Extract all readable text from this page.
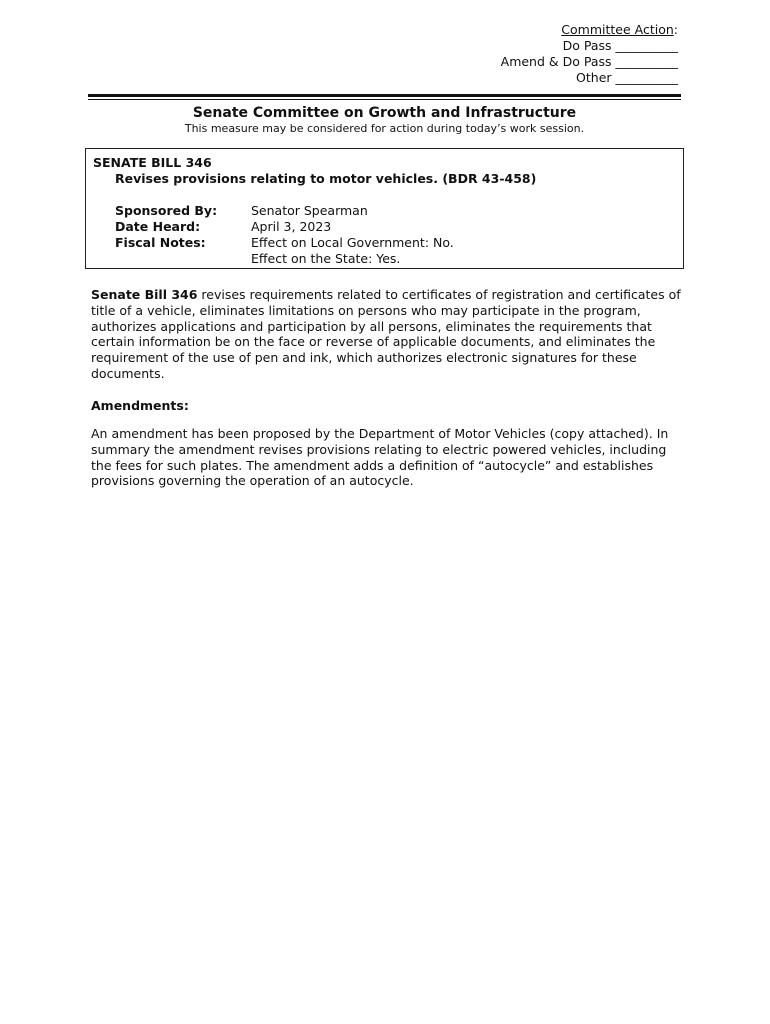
Committee Action:
Do Pass __________
Amend & Do Pass __________
Other __________
Senate Committee on Growth and Infrastructure
This measure may be considered for action during today’s work session.
SENATE BILL 346
Revises provisions relating to motor vehicles. (BDR 43-458)
Sponsored By:	Senator Spearman
Date Heard:	April 3, 2023
Fiscal Notes:	Effect on Local Government: No.
Effect on the State: Yes.
Senate Bill 346 revises requirements related to certificates of registration and certificates of title of a vehicle, eliminates limitations on persons who may participate in the program, authorizes applications and participation by all persons, eliminates the requirements that certain information be on the face or reverse of applicable documents, and eliminates the requirement of the use of pen and ink, which authorizes electronic signatures for these documents.
Amendments:
An amendment has been proposed by the Department of Motor Vehicles (copy attached). In summary the amendment revises provisions relating to electric powered vehicles, including the fees for such plates. The amendment adds a definition of “autocycle” and establishes provisions governing the operation of an autocycle.
